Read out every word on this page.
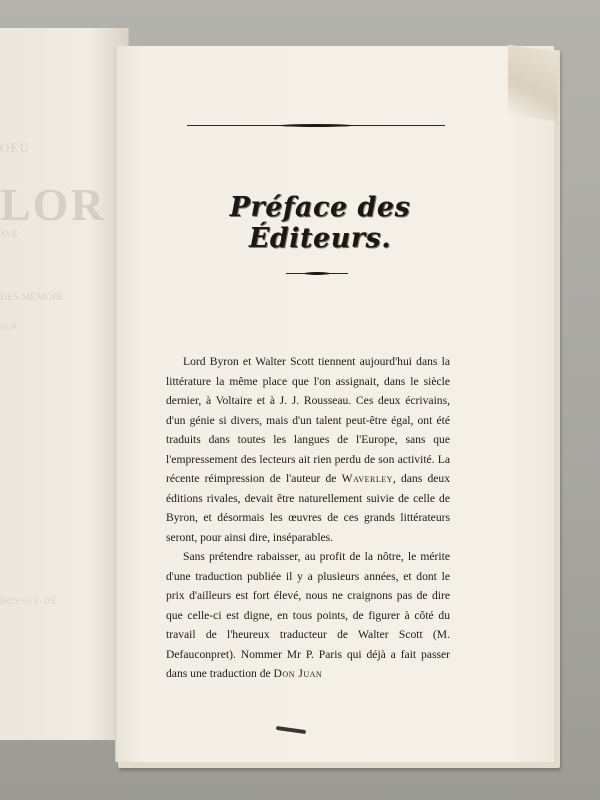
OEU
LOR
AVE
DES MÉMOIR
SUP
BOSSEY-DE
Préface des Éditeurs.

Lord Byron et Walter Scott tiennent aujourd'hui dans la littérature la même place que l'on assignait, dans le siècle dernier, à Voltaire et à J. J. Rousseau. Ces deux écrivains, d'un génie si divers, mais d'un talent peut-être égal, ont été traduits dans toutes les langues de l'Europe, sans que l'empressement des lecteurs ait rien perdu de son activité. La récente réimpression de l'auteur de Waverley, dans deux éditions rivales, devait être naturellement suivie de celle de Byron, et désormais les œuvres de ces grands littérateurs seront, pour ainsi dire, inséparables.

Sans prétendre rabaisser, au profit de la nôtre, le mérite d'une traduction publiée il y a plusieurs années, et dont le prix d'ailleurs est fort élevé, nous ne craignons pas de dire que celle-ci est digne, en tous points, de figurer à côté du travail de l'heureux traducteur de Walter Scott (M. Defauconpret). Nommer Mr P. Paris qui déjà a fait passer dans une traduction de Don Juan
